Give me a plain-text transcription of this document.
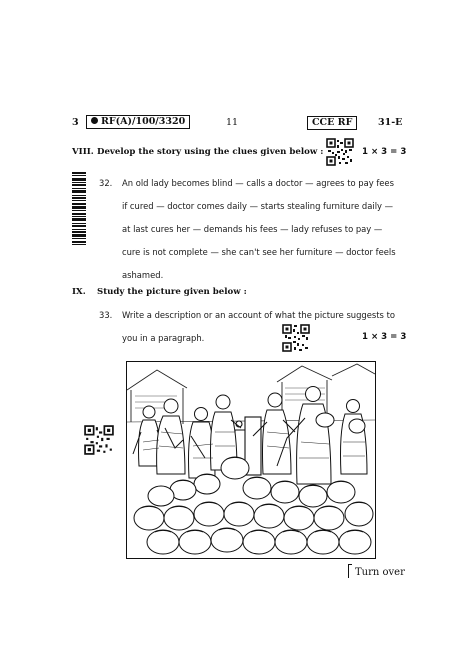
3	RF(A)/100/3320	11	CCE RF	31-E
VIII. Develop the story using the clues given below :	1 × 3 = 3
32. An old lady becomes blind — calls a doctor — agrees to pay fees
if cured — doctor comes daily — starts stealing furniture daily —
at last cures her — demands his fees — lady refuses to pay —
cure is not complete — she can't see her furniture — doctor feels
ashamed.
IX. Study the picture given below :
33. Write a description or an account of what the picture suggests to
you in a paragraph.	1 × 3 = 3
Turn over
